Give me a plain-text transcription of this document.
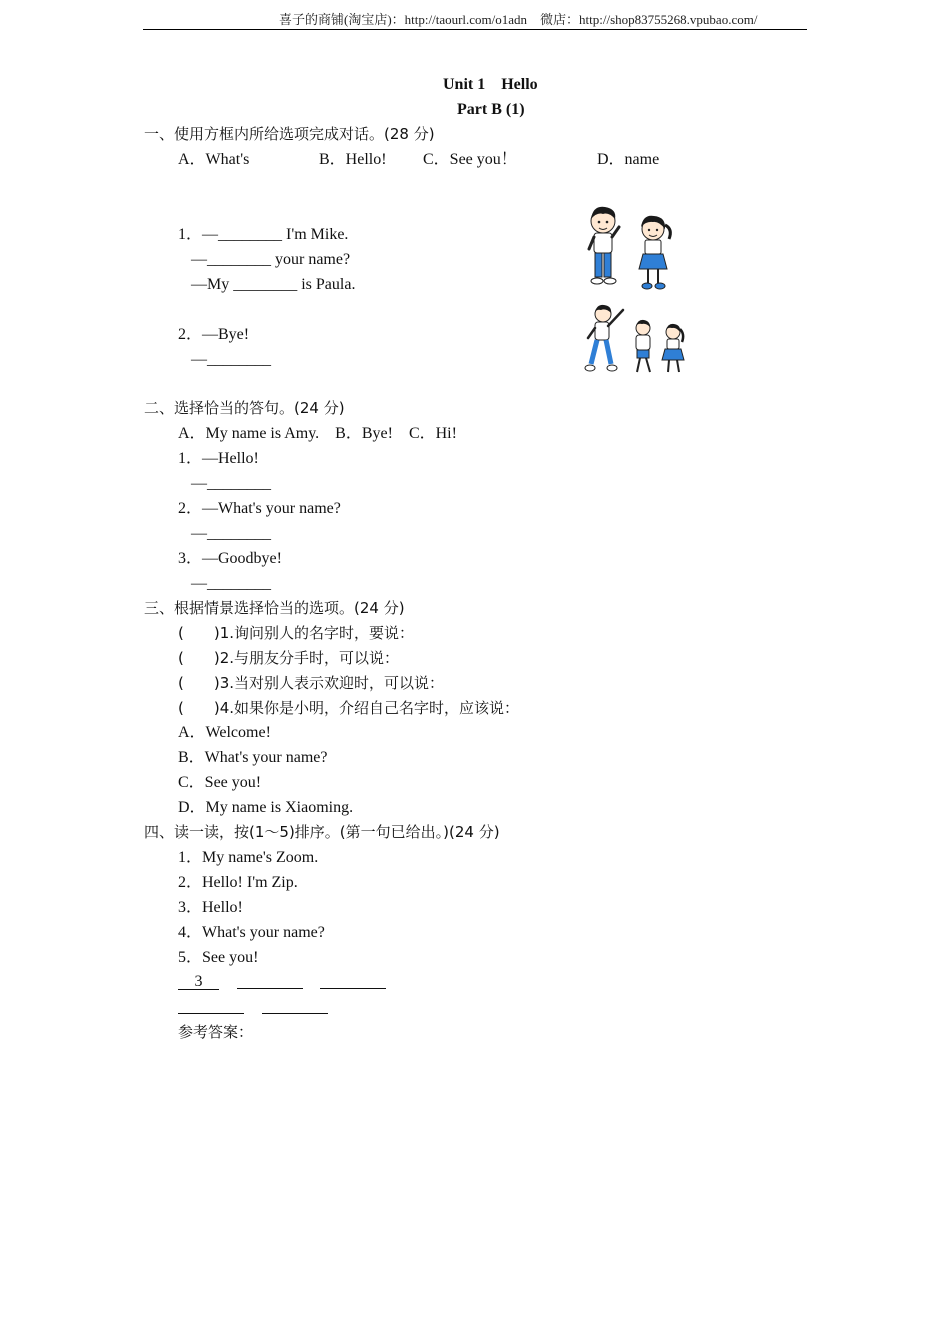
喜子的商铺(淘宝店)：http://taourl.com/o1adn　微店：http://shop83755268.vpubao.com/
Unit 1　Hello
Part B (1)
一、使用方框内所给选项完成对话。(28 分)
A．What's	B．Hello! C．See you！	D．name
1．—________ I'm Mike.
—________ your name?
—My ________ is Paula.
2．—Bye!
—________
二、选择恰当的答句。(24 分)
A．My name is Amy.　B．Bye!　C．Hi!
1．—Hello!
—________
2．—What's your name?
—________
3．—Goodbye!
—________
三、根据情景选择恰当的选项。(24 分)
(　　)1.询问别人的名字时，要说：
(　　)2.与朋友分手时，可以说：
(　　)3.当对别人表示欢迎时，可以说：
(　　)4.如果你是小明，介绍自己名字时，应该说：
A．Welcome!
B．What's your name?
C．See you!
D．My name is Xiaoming.
四、读一读，按(1～5)排序。(第一句已给出。)(24 分)
1．My name's Zoom.
2．Hello! I'm Zip.
3．Hello!
4．What's your name?
5．See you!
3
参考答案：
